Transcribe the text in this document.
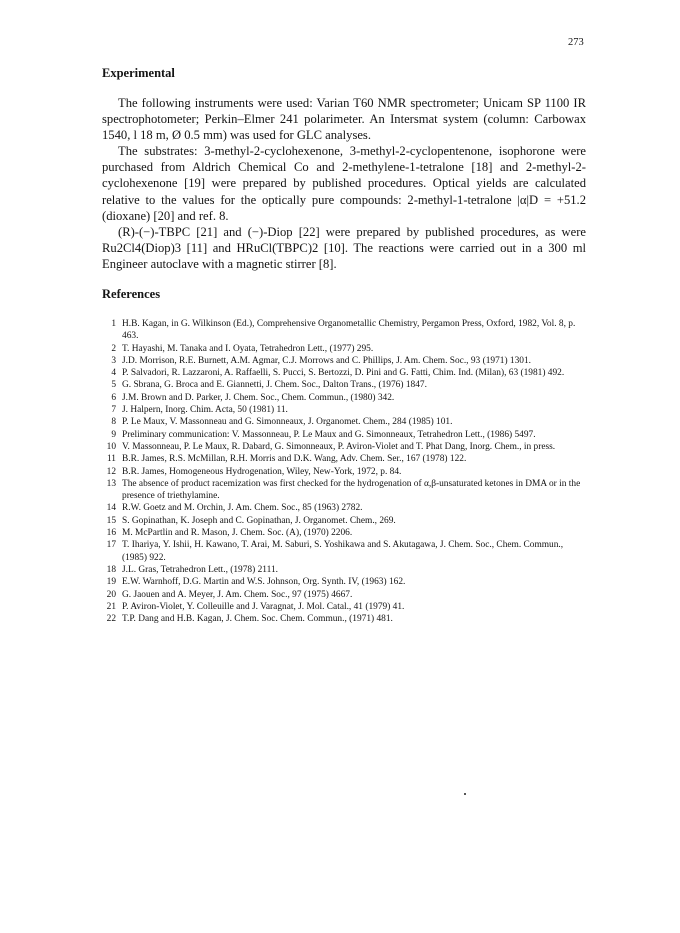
273
Experimental

The following instruments were used: Varian T60 NMR spectrometer; Unicam SP 1100 IR spectrophotometer; Perkin–Elmer 241 polarimeter. An Intersmat system (column: Carbowax 1540, l 18 m, Ø 0.5 mm) was used for GLC analyses.

The substrates: 3-methyl-2-cyclohexenone, 3-methyl-2-cyclopentenone, isophorone were purchased from Aldrich Chemical Co and 2-methylene-1-tetralone [18] and 2-methyl-2-cyclohexenone [19] were prepared by published procedures. Optical yields are calculated relative to the values for the optically pure compounds: 2-methyl-1-tetralone |α|D = +51.2 (dioxane) [20] and ref. 8.

(R)-(−)-TBPC [21] and (−)-Diop [22] were prepared by published procedures, as were Ru2Cl4(Diop)3 [11] and HRuCl(TBPC)2 [10]. The reactions were carried out in a 300 ml Engineer autoclave with a magnetic stirrer [8].

References
1 H.B. Kagan, in G. Wilkinson (Ed.), Comprehensive Organometallic Chemistry, Pergamon Press, Oxford, 1982, Vol. 8, p. 463.
2 T. Hayashi, M. Tanaka and I. Oyata, Tetrahedron Lett., (1977) 295.
3 J.D. Morrison, R.E. Burnett, A.M. Agmar, C.J. Morrows and C. Phillips, J. Am. Chem. Soc., 93 (1971) 1301.
4 P. Salvadori, R. Lazzaroni, A. Raffaelli, S. Pucci, S. Bertozzi, D. Pini and G. Fatti, Chim. Ind. (Milan), 63 (1981) 492.
5 G. Sbrana, G. Broca and E. Giannetti, J. Chem. Soc., Dalton Trans., (1976) 1847.
6 J.M. Brown and D. Parker, J. Chem. Soc., Chem. Commun., (1980) 342.
7 J. Halpern, Inorg. Chim. Acta, 50 (1981) 11.
8 P. Le Maux, V. Massonneau and G. Simonneaux, J. Organomet. Chem., 284 (1985) 101.
9 Preliminary communication: V. Massonneau, P. Le Maux and G. Simonneaux, Tetrahedron Lett., (1986) 5497.
10 V. Massonneau, P. Le Maux, R. Dabard, G. Simonneaux, P. Aviron-Violet and T. Phat Dang, Inorg. Chem., in press.
11 B.R. James, R.S. McMillan, R.H. Morris and D.K. Wang, Adv. Chem. Ser., 167 (1978) 122.
12 B.R. James, Homogeneous Hydrogenation, Wiley, New-York, 1972, p. 84.
13 The absence of product racemization was first checked for the hydrogenation of α,β-unsaturated ketones in DMA or in the presence of triethylamine.
14 R.W. Goetz and M. Orchin, J. Am. Chem. Soc., 85 (1963) 2782.
15 S. Gopinathan, K. Joseph and C. Gopinathan, J. Organomet. Chem., 269.
16 M. McPartlin and R. Mason, J. Chem. Soc. (A), (1970) 2206.
17 T. Ihariya, Y. Ishii, H. Kawano, T. Arai, M. Saburi, S. Yoshikawa and S. Akutagawa, J. Chem. Soc., Chem. Commun., (1985) 922.
18 J.L. Gras, Tetrahedron Lett., (1978) 2111.
19 E.W. Warnhoff, D.G. Martin and W.S. Johnson, Org. Synth. IV, (1963) 162.
20 G. Jaouen and A. Meyer, J. Am. Chem. Soc., 97 (1975) 4667.
21 P. Aviron-Violet, Y. Colleuille and J. Varagnat, J. Mol. Catal., 41 (1979) 41.
22 T.P. Dang and H.B. Kagan, J. Chem. Soc. Chem. Commun., (1971) 481.
